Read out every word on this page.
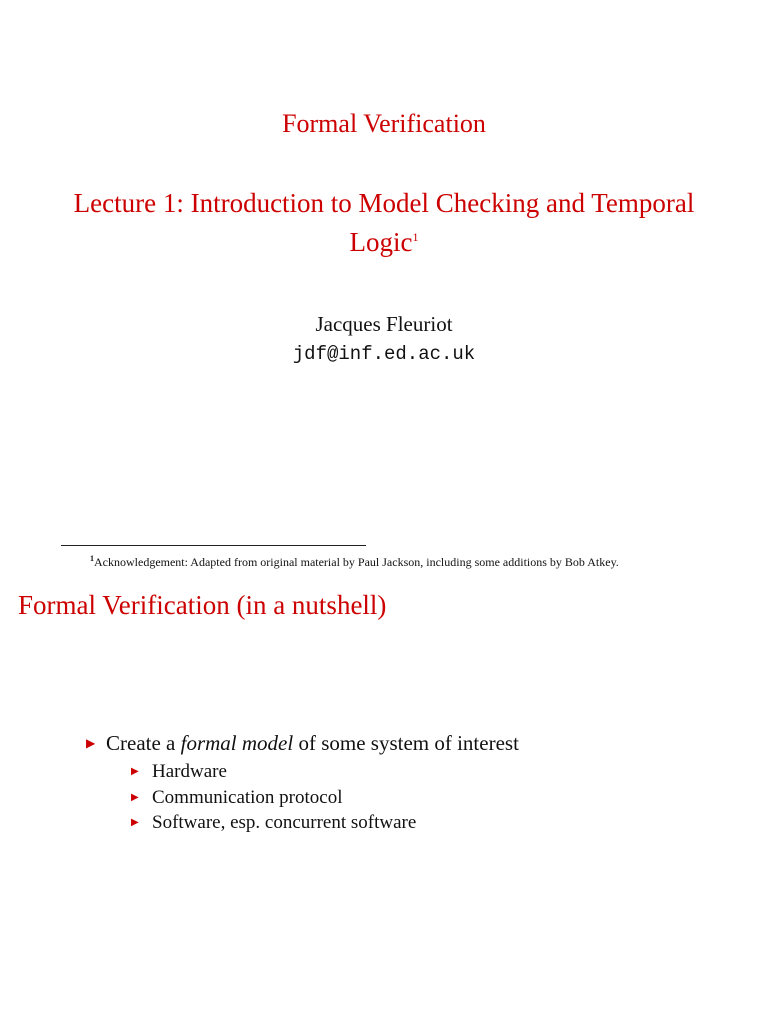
Formal Verification
Lecture 1: Introduction to Model Checking and Temporal Logic$^1$
Jacques Fleuriot
jdf@inf.ed.ac.uk
$^1$Acknowledgement: Adapted from original material by Paul Jackson, including some additions by Bob Atkey.
Formal Verification (in a nutshell)
▶
Create a formal model of some system of interest
▶
Hardware
▶
Communication protocol
▶
Software, esp. concurrent software
